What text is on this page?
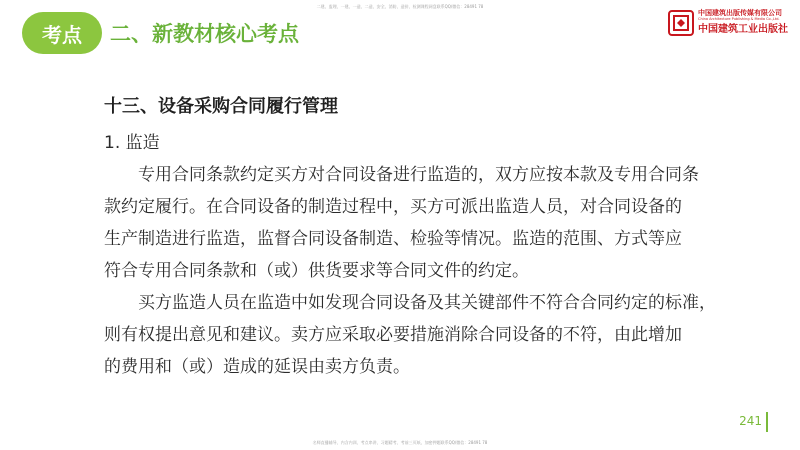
二建、监理、一建、一造、二造、安全、消防、造价、检测课程网盘联系QQ/微信：28491 78
考点 二、新教材核心考点
中国建筑出版传媒有限公司
China Architecture Publishing & Media Co.,Ltd.
中国建筑工业出版社

十三、设备采购合同履行管理

1. 监造

　　专用合同条款约定买方对合同设备进行监造的，双方应按本款及专用合同条
款约定履行。在合同设备的制造过程中，买方可派出监造人员，对合同设备的
生产制造进行监造，监督合同设备制造、检验等情况。监造的范围、方式等应
符合专用合同条款和（或）供货要求等合同文件的约定。

　　买方监造人员在监造中如发现合同设备及其关键部件不符合合同约定的标准，
则有权提出意见和建议。卖方应采取必要措施消除合同设备的不符，由此增加
的费用和（或）造成的延误由卖方负责。

241
名师直播辅导、内含内训、考点串讲、习题精考、考前三页纸、加密押题联系QQ/微信：28491 78
